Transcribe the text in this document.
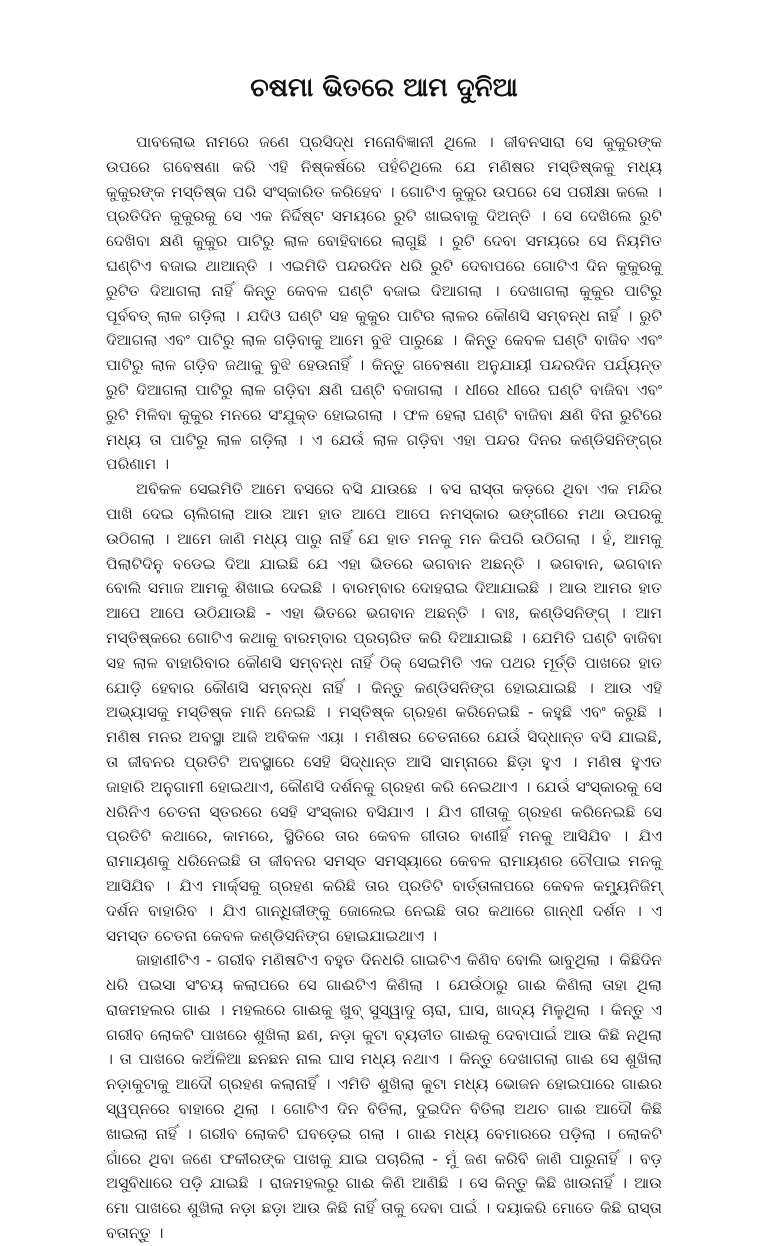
ଚଷମା ଭିତରେ ଆମ ଦୁନିଆ

ପାବଲୋଭ ନାମରେ ଜଣେ ପ୍ରସିଦ୍ଧ ମନୋବିଜ୍ଞାନୀ ଥିଲେ । ଜୀବନସାରା ସେ କୁକୁରଙ୍କ ଉପରେ ଗବେଷଣା କରି ଏହି ନିଷ୍କର୍ଷରେ ପହଁଚିଥିଲେ ଯେ ମଣିଷର ମସ୍ତିଷ୍କକୁ ମଧ୍ୟ କୁକୁରଙ୍କ ମସ୍ତିଷ୍କ ପରି ସଂସ୍କାରିତ କରିହେବ । ଗୋଟିଏ କୁକୁର ଉପରେ ସେ ପରୀକ୍ଷା କଲେ । ପ୍ରତିଦିନ କୁକୁରକୁ ସେ ଏକ ନିର୍ଦ୍ଦିଷ୍ଟ ସମୟରେ ରୁଟି ଖାଇବାକୁ ଦିଅନ୍ତି । ସେ ଦେଖିଲେ ରୁଟି ଦେଖିବା କ୍ଷଣି କୁକୁର ପାଟିରୁ ଲାଳ ବୋହିବାରେ ଲାଗୁଛି । ରୁଟି ଦେବା ସମୟରେ ସେ ନିୟମିତ ଘଣ୍ଟିଏ ବଜାଇ ଥାଆନ୍ତି । ଏଇମିତି ପନ୍ଦରଦିନ ଧରି ରୁଟି ଦେବାପରେ ଗୋଟିଏ ଦିନ କୁକୁରକୁ ରୁଟିତ ଦିଆଗଲା ନାହିଁ କିନ୍ତୁ କେବଳ ଘଣ୍ଟି ବଜାଇ ଦିଆଗଲା । ଦେଖାଗଲା କୁକୁର ପାଟିରୁ ପୂର୍ବବତ୍ ଲାଳ ଗଡ଼ିଲା । ଯଦିଓ ଘଣ୍ଟି ସହ କୁକୁର ପାଟିର ଲାଳର କୌଣସି ସମ୍ବନ୍ଧ ନାହିଁ । ରୁଟି ଦିଆଗଲା ଏବଂ ପାଟିରୁ ଲାଳ ଗଡ଼ିବାକୁ ଆମେ ବୁଝି ପାରୁଛେ । କିନ୍ତୁ କେବଳ ଘଣ୍ଟି ବାଜିବ ଏବଂ ପାଟିରୁ ଲାଳ ଗଡ଼ିବ ଜଥାକୁ ବୁଝି ହେଉନାହିଁ । କିନ୍ତୁ ଗବେଷଣା ଅନୁଯାୟୀ ପନ୍ଦରଦିନ ପର୍ଯ୍ୟନ୍ତ ରୁଟି ଦିଆଗଲା ପାଟିରୁ ଲାଳ ଗଡ଼ିବା କ୍ଷଣି ଘଣ୍ଟି ବଜାଗଲା । ଧୀରେ ଧୀରେ ଘଣ୍ଟି ବାଜିବା ଏବଂ ରୁଟି ମିଳିବା କୁକୁର ମନରେ ସଂଯୁକ୍ତ ହୋଇଗଲା । ଫଳ ହେଲା ଘଣ୍ଟି ବାଜିବା କ୍ଷଣି ବିନା ରୁଟିରେ ମଧ୍ୟ ତା ପାଟିରୁ ଲାଳ ଗଡ଼ିଲା । ଏ ଯେଉଁ ଲାଳ ଗଡ଼ିବା ଏହା ପନ୍ଦର ଦିନର କଣ୍ଡିସନିଙ୍ଗ୍‌ର ପରିଣାମ ।

ଅବିକଳ ସେଇମିତି ଆମେ ବସରେ ବସି ଯାଉଛେ । ବସ ରାସ୍ତା କଡ଼ରେ ଥିବା ଏକ ମନ୍ଦିର ପାଖି ଦେଇ ଚାଲିଗଲା ଆଉ ଆମ ହାତ ଆପେ ଆପେ ନମସ୍କାର ଭଙ୍ଗୀରେ ମଥା ଉପରକୁ ଉଠିଗଲା । ଆମେ ଜାଣି ମଧ୍ୟ ପାରୁ ନାହିଁ ଯେ ହାତ ମନକୁ ମନ କିପରି ଉଠିଗଲା । ହଁ, ଆମକୁ ପିଲାଟିଦିନୁ ବଡେଇ ଦିଆ ଯାଇଛି ଯେ ଏହା ଭିତରେ ଭଗବାନ ଅଛନ୍ତି । ଭଗବାନ, ଭଗବାନ ବୋଲି ସମାଜ ଆମକୁ ଶିଖାଇ ଦେଇଛି । ବାରମ୍ବାର ଦୋହରାଇ ଦିଆଯାଇଛି । ଆଉ ଆମର ହାତ ଆପେ ଆପେ ଉଠିଯାଉଛି - ଏହା ଭିତରେ ଭଗବାନ ଅଛନ୍ତି । ବାଃ, କଣ୍ଡିସନିଙ୍ଗ୍ । ଆମ ମସ୍ତିଷ୍କରେ ଗୋଟିଏ କଥାକୁ ବାରମ୍ବାର ପ୍ରଚାରିତ କରି ଦିଆଯାଇଛି । ଯେମିତି ଘଣ୍ଟି ବାଜିବା ସହ ଲାଳ ବାହାରିବାର କୌଣସି ସମ୍ବନ୍ଧ ନାହିଁ ଠିକ୍ ସେଇମିତି ଏକ ପଥର ମୂର୍ତ୍ତି ପାଖରେ ହାତ ଯୋଡ଼ି ହେବାର କୌଣସି ସମ୍ବନ୍ଧ ନାହିଁ । କିନ୍ତୁ କଣ୍ଡିସନିଙ୍ଗ ହୋଇଯାଇଛି । ଆଉ ଏହି ଅଭ୍ୟାସକୁ ମସ୍ତିଷ୍କ ମାନି ନେଇଛି । ମସ୍ତିଷ୍କ ଗ୍ରହଣ କରିନେଇଛି - କହୁଛି ଏବଂ କରୁଛି । ମଣିଷ ମନର ଅବସ୍ଥା ଆଜି ଅବିକଳ ଏୟା । ମଣିଷର ଚେତନାରେ ଯେଉଁ ସିଦ୍ଧାନ୍ତ ବସି ଯାଇଛି, ତା ଜୀବନର ପ୍ରତିଟି ଅବସ୍ଥାରେ ସେହି ସିଦ୍ଧାନ୍ତ ଆସି ସାମ୍ନାରେ ଛିଡ଼ା ହୁଏ । ମଣିଷ ହୁଏତ ଜାହାରି ଅନୁଗାମୀ ହୋଇଥାଏ, କୌଣସି ଦର୍ଶନକୁ ଗ୍ରହଣ କରି ନେଇଥାଏ । ଯେଉଁ ସଂସ୍କାରକୁ ସେ ଧରିନିଏ ଚେତନା ସ୍ତରରେ ସେହି ସଂସ୍କାର ବସିଯାଏ । ଯିଏ ଗୀତାକୁ ଗ୍ରହଣ କରିନେଇଛି ସେ ପ୍ରତିଟି କଥାରେ, କାମରେ, ସ୍ଥିତିରେ ତାର କେବଳ ଗୀତାର ବାଣୀହିଁ ମନକୁ ଆସିଯିବ । ଯିଏ ରାମାୟଣକୁ ଧରିନେଇଛି ତା ଜୀବନର ସମସ୍ତ ସମସ୍ୟାରେ କେବଳ ରାମାୟଣର ଚୌପାଇ ମନକୁ ଆସିଯିବ । ଯିଏ ମାର୍କ୍ସକୁ ଗ୍ରହଣ କରିଛି ତାର ପ୍ରତିଟି ବାର୍ତ୍ତାଳାପରେ କେବଳ କମ୍ୟୁନିଜିମ୍ ଦର୍ଶନ ବାହାରିବ । ଯିଏ ଗାନ୍ଧିଜୀଙ୍କୁ ଜୋଲେଇ ନେଇଛି ତାର କଥାରେ ଗାନ୍ଧୀ ଦର୍ଶନ । ଏ ସମସ୍ତ ଚେତନା କେବଳ କଣ୍ଡିସନିଙ୍ଗ ହୋଇଯାଇଥାଏ ।

ଜାହାଣୀଟିଏ - ଗରୀବ ମଣିଷଟିଏ ବହୁତ ଦିନଧରି ଗାଇଟିଏ କିଣିବ ବୋଲି ଭାବୁଥିଲା । କିଛିଦିନ ଧରି ପଇସା ସଂଚୟ କଲାପରେ ସେ ଗାଈଟିଏ କିଣିଲା । ଯେଉଁଠାରୁ ଗାଈ କିଣିଲା ତାହା ଥିଲା ରାଜମହଲର ଗାଈ । ମହଲରେ ଗାଈକୁ ଖୁବ୍ ସୁସ୍ୱାଦୁ ଚାରା, ଘାସ, ଖାଦ୍ୟ ମିଳୁଥିଲା । କିନ୍ତୁ ଏ ଗରୀବ ଲୋକଟି ପାଖରେ ଶୁଖିଲା ଛଣ, ନଡ଼ା କୁଟା ବ୍ୟତୀତ ଗାଈକୁ ଦେବାପାଇଁ ଆଉ କିଛି ନଥିଲା । ତା ପାଖରେ କଅଁଳିଆ ଛନଛନ ନାଲ ଘାସ ମଧ୍ୟ ନଥାଏ । କିନ୍ତୁ ଦେଖାଗଲା ଗାଈ ସେ ଶୁଖିଲା ନଡ଼ାକୁଟାକୁ ଆଦୌ ଗ୍ରହଣ କଲାନାହିଁ । ଏମିତି ଶୁଖିଲା କୁଟା ମଧ୍ୟ ଭୋଜନ ହୋଇପାରେ ଗାଈର ସ୍ୱପ୍ନରେ ବାହାରେ ଥିଲା । ଗୋଟିଏ ଦିନ ବିତିଲା, ଦୁଇଦିନ ବିତିଲା ଅଥଚ ଗାଈ ଆଦୌ କିଛି ଖାଇଲା ନାହିଁ । ଗରୀବ ଲୋକଟି ଘବଡ଼େଇ ଗଲା । ଗାଈ ମଧ୍ୟ ବେମାରରେ ପଡ଼ିଲା । ଲୋକଟି ଗାଁରେ ଥିବା ଜଣେ ଫକୀରଙ୍କ ପାଖକୁ ଯାଇ ପଚାରିଲା - ମୁଁ ଜଣ କରିବି ଜାଣି ପାରୁନାହିଁ । ବଡ଼ ଅସୁବିଧାରେ ପଡ଼ି ଯାଇଛି । ରାଜମହଲରୁ ଗାଈ କିଣି ଆଣିଛି । ସେ କିନ୍ତୁ କିଛି ଖାଉନାହିଁ । ଆଉ ମୋ ପାଖରେ ଶୁଖିଲା ନଡ଼ା ଛଡ଼ା ଆଉ କିଛି ନାହିଁ ତାକୁ ଦେବା ପାଇଁ । ଦୟାକରି ମୋତେ କିଛି ରାସ୍ତା ବତାନ୍ତୁ ।
